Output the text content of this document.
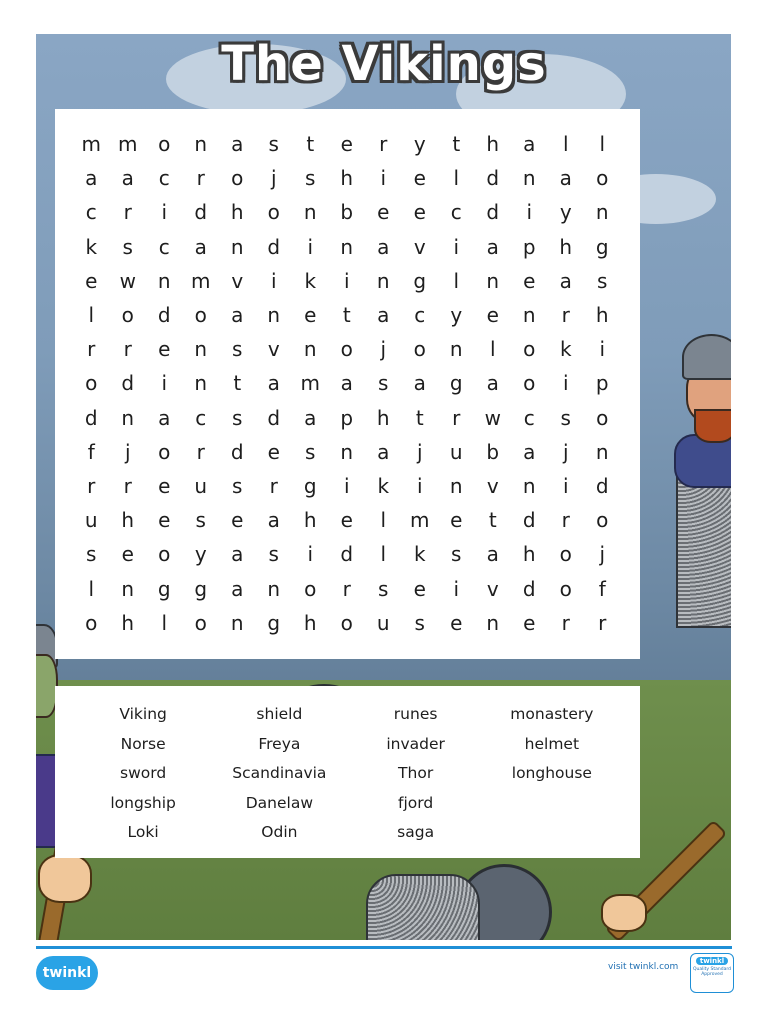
The Vikings
m m	o	n	a	s	t	e	r	y	t	h	a	l	l
a	a	c	r	o	j	s	h	i	e	l	d	n	a	o
c	r	i	d	h	o	n	b	e	e	c	d	i	y	n
k	s	c	a	n	d	i	n	a	v	i	a	p	h	g
e	w	n	m	v	i	k	i	n	g	l	n	e	a	s
l	o	d	o	a	n	e	t	a	c	y	e	n	r	h
r	r	e	n	s	v	n	o	j	o	n	l	o	k	i
o	d	i	n	t	a	m	a	s	a	g	a	o	i	p
d	n	a	c	s	d	a	p	h	t	r	w	c	s	o
f	j	o	r	d	e	s	n	a	j	u	b	a	j	n
r	r	e	u	s	r	g	i	k	i	n	v	n	i	d
u	h	e	s	e	a	h	e	l	m	e	t	d	r	o
s	e	o	y	a	s	i	d	l	k	s	a	h	o	j
l	n	g	g	a	n	o	r	s	e	i	v	d	o	f
o	h	l	o	n	g	h	o	u	s	e	n	e	r	r
Viking	shield	runes	monastery
Norse	Freya	invader	helmet
sword	Scandinavia	Thor	longhouse
longship	Danelaw	fjord
Loki	Odin	saga
twinkl	visit twinkl.com
twinkl
Quality Standard Approved
